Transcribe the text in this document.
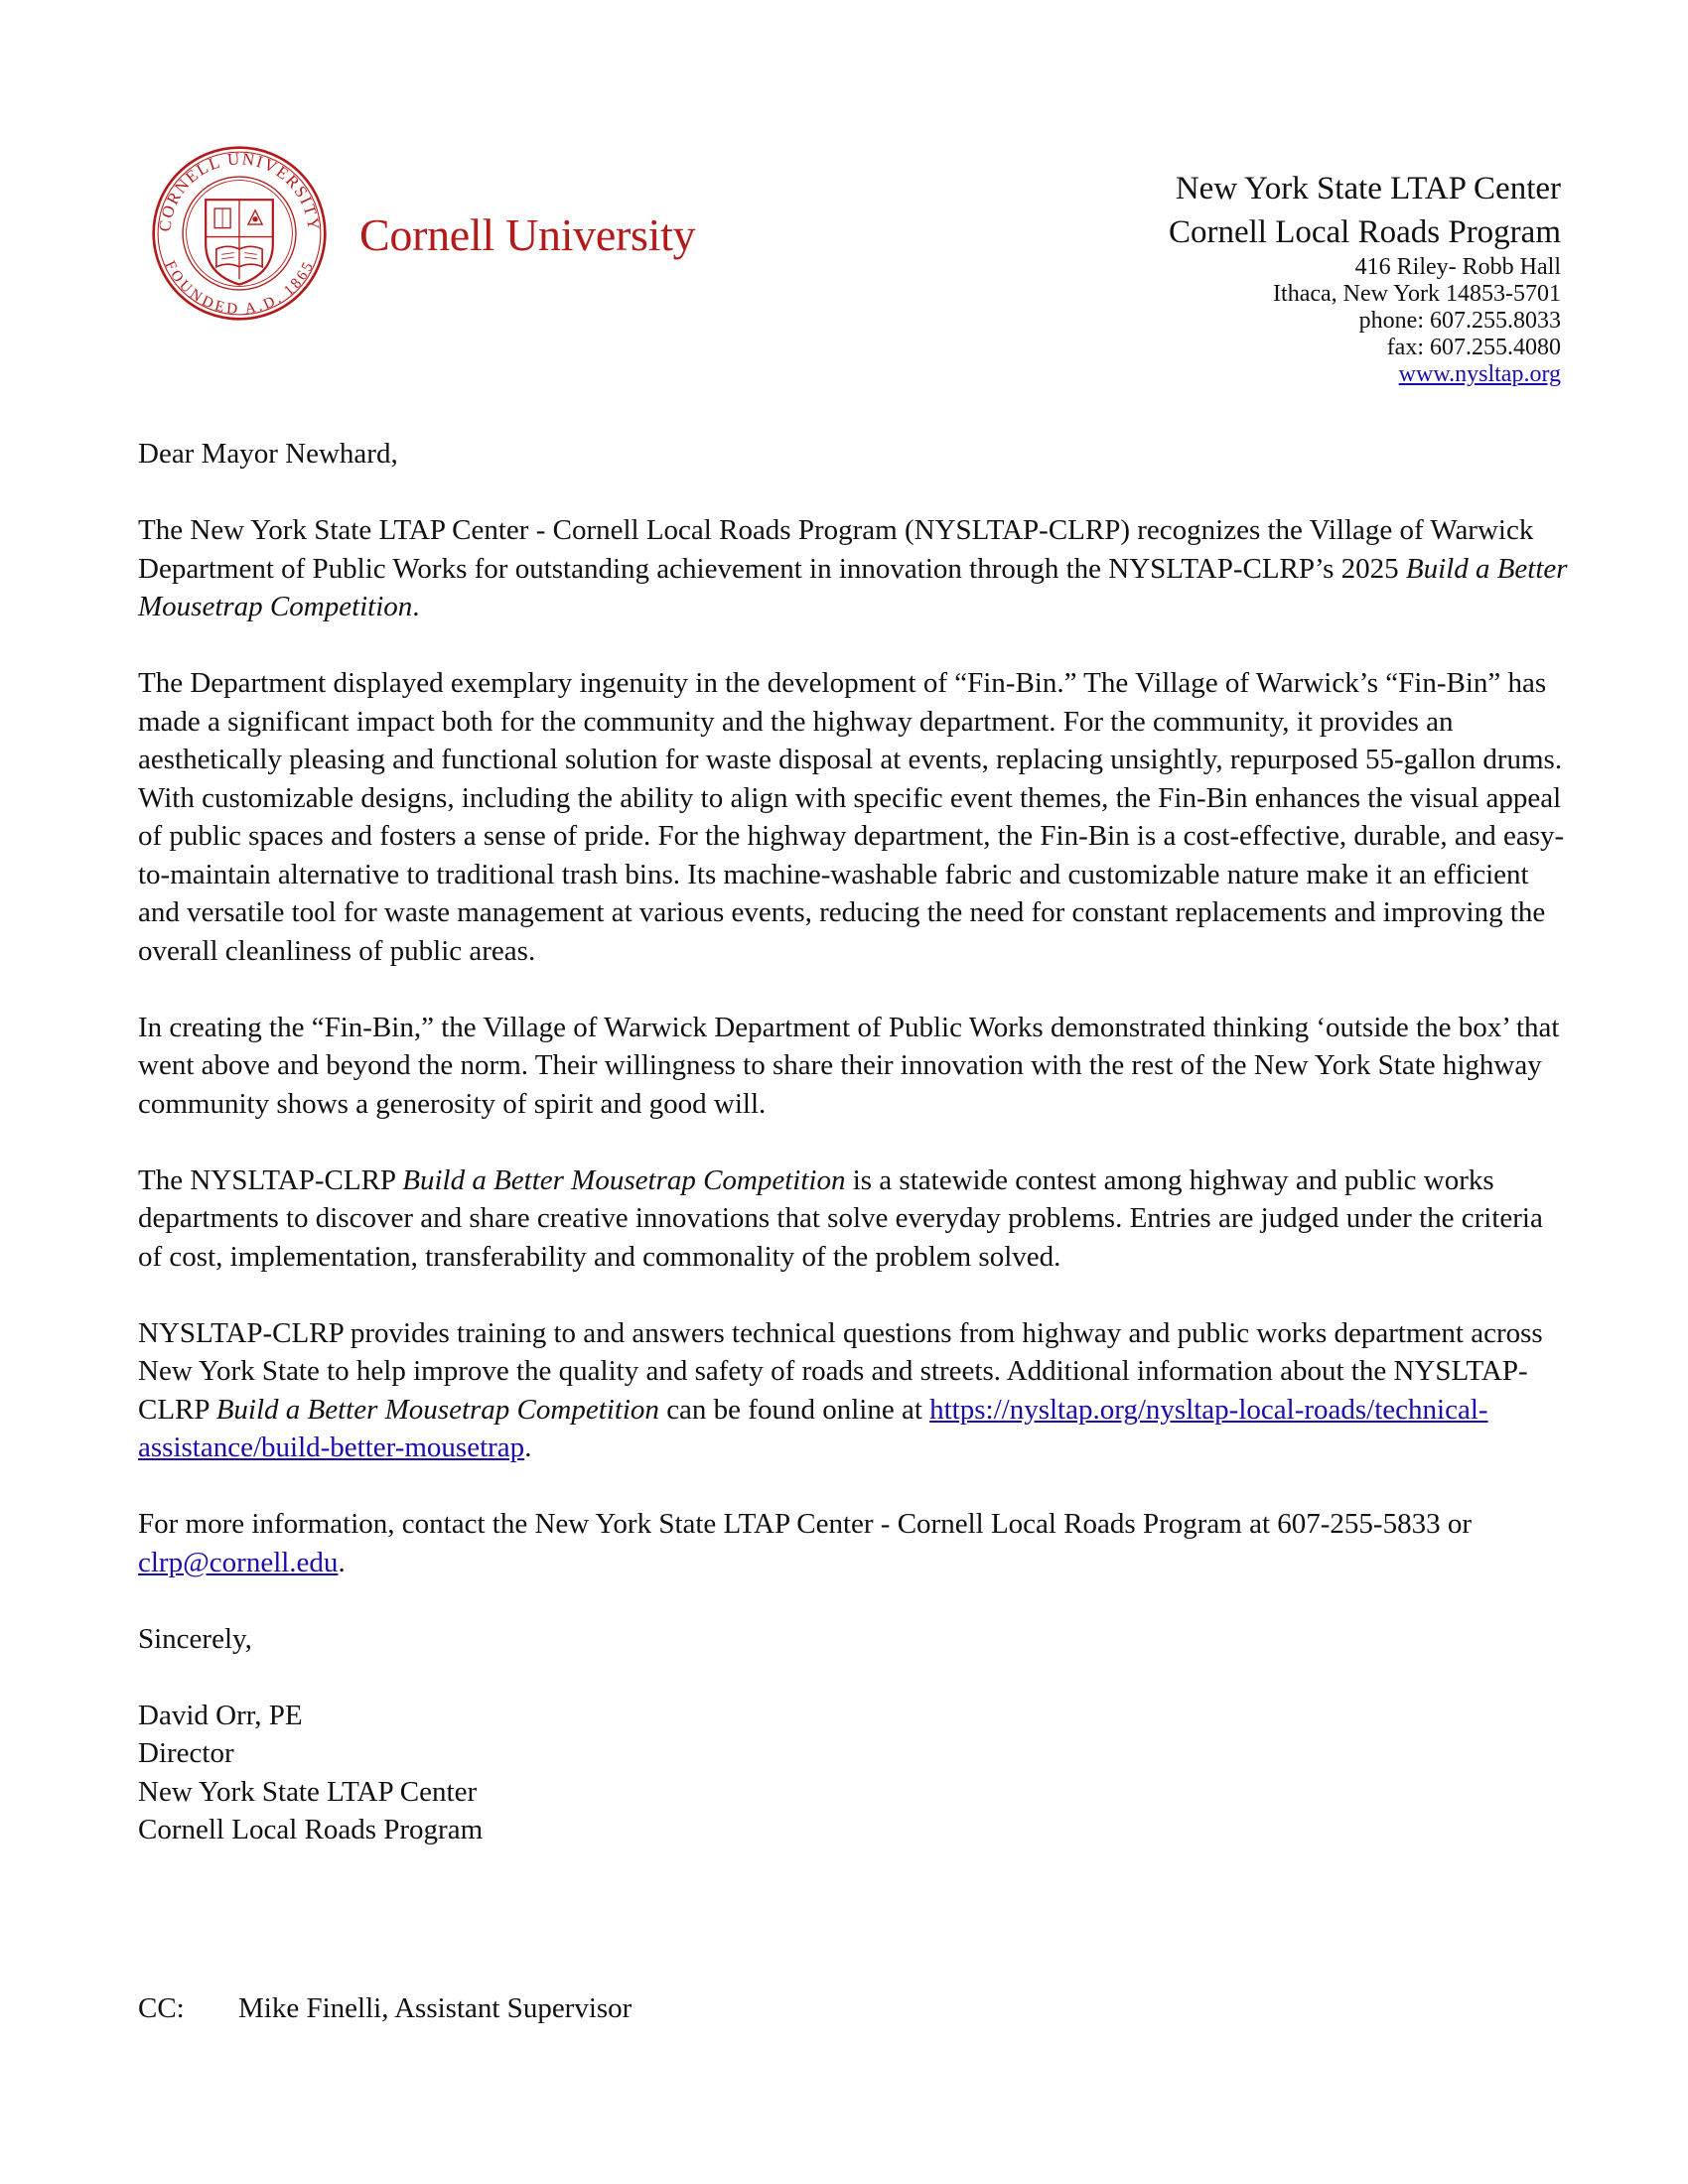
CORNELL UNIVERSITY
FOUNDED A.D. 1865
Cornell University
New York State LTAP Center
Cornell Local Roads Program
416 Riley- Robb Hall
Ithaca, New York 14853-5701
phone: 607.255.8033
fax: 607.255.4080
www.nysltap.org

Dear Mayor Newhard,

The New York State LTAP Center - Cornell Local Roads Program (NYSLTAP-CLRP) recognizes the Village of Warwick Department of Public Works for outstanding achievement in innovation through the NYSLTAP-CLRP’s 2025 Build a Better Mousetrap Competition.

The Department displayed exemplary ingenuity in the development of “Fin-Bin.” The Village of Warwick’s “Fin-Bin” has made a significant impact both for the community and the highway department. For the community, it provides an aesthetically pleasing and functional solution for waste disposal at events, replacing unsightly, repurposed 55-gallon drums. With customizable designs, including the ability to align with specific event themes, the Fin-Bin enhances the visual appeal of public spaces and fosters a sense of pride. For the highway department, the Fin-Bin is a cost-effective, durable, and easy-to-maintain alternative to traditional trash bins. Its machine-washable fabric and customizable nature make it an efficient and versatile tool for waste management at various events, reducing the need for constant replacements and improving the overall cleanliness of public areas.

In creating the “Fin-Bin,” the Village of Warwick Department of Public Works demonstrated thinking ‘outside the box’ that went above and beyond the norm. Their willingness to share their innovation with the rest of the New York State highway community shows a generosity of spirit and good will.

The NYSLTAP-CLRP Build a Better Mousetrap Competition is a statewide contest among highway and public works departments to discover and share creative innovations that solve everyday problems. Entries are judged under the criteria of cost, implementation, transferability and commonality of the problem solved.

NYSLTAP-CLRP provides training to and answers technical questions from highway and public works department across New York State to help improve the quality and safety of roads and streets. Additional information about the NYSLTAP-CLRP Build a Better Mousetrap Competition can be found online at https://nysltap.org/nysltap-local-roads/technical-assistance/build-better-mousetrap.

For more information, contact the New York State LTAP Center - Cornell Local Roads Program at 607-255-5833 or clrp@cornell.edu.

Sincerely,

David Orr, PE
Director
New York State LTAP Center
Cornell Local Roads Program
CC: Mike Finelli, Assistant Supervisor
